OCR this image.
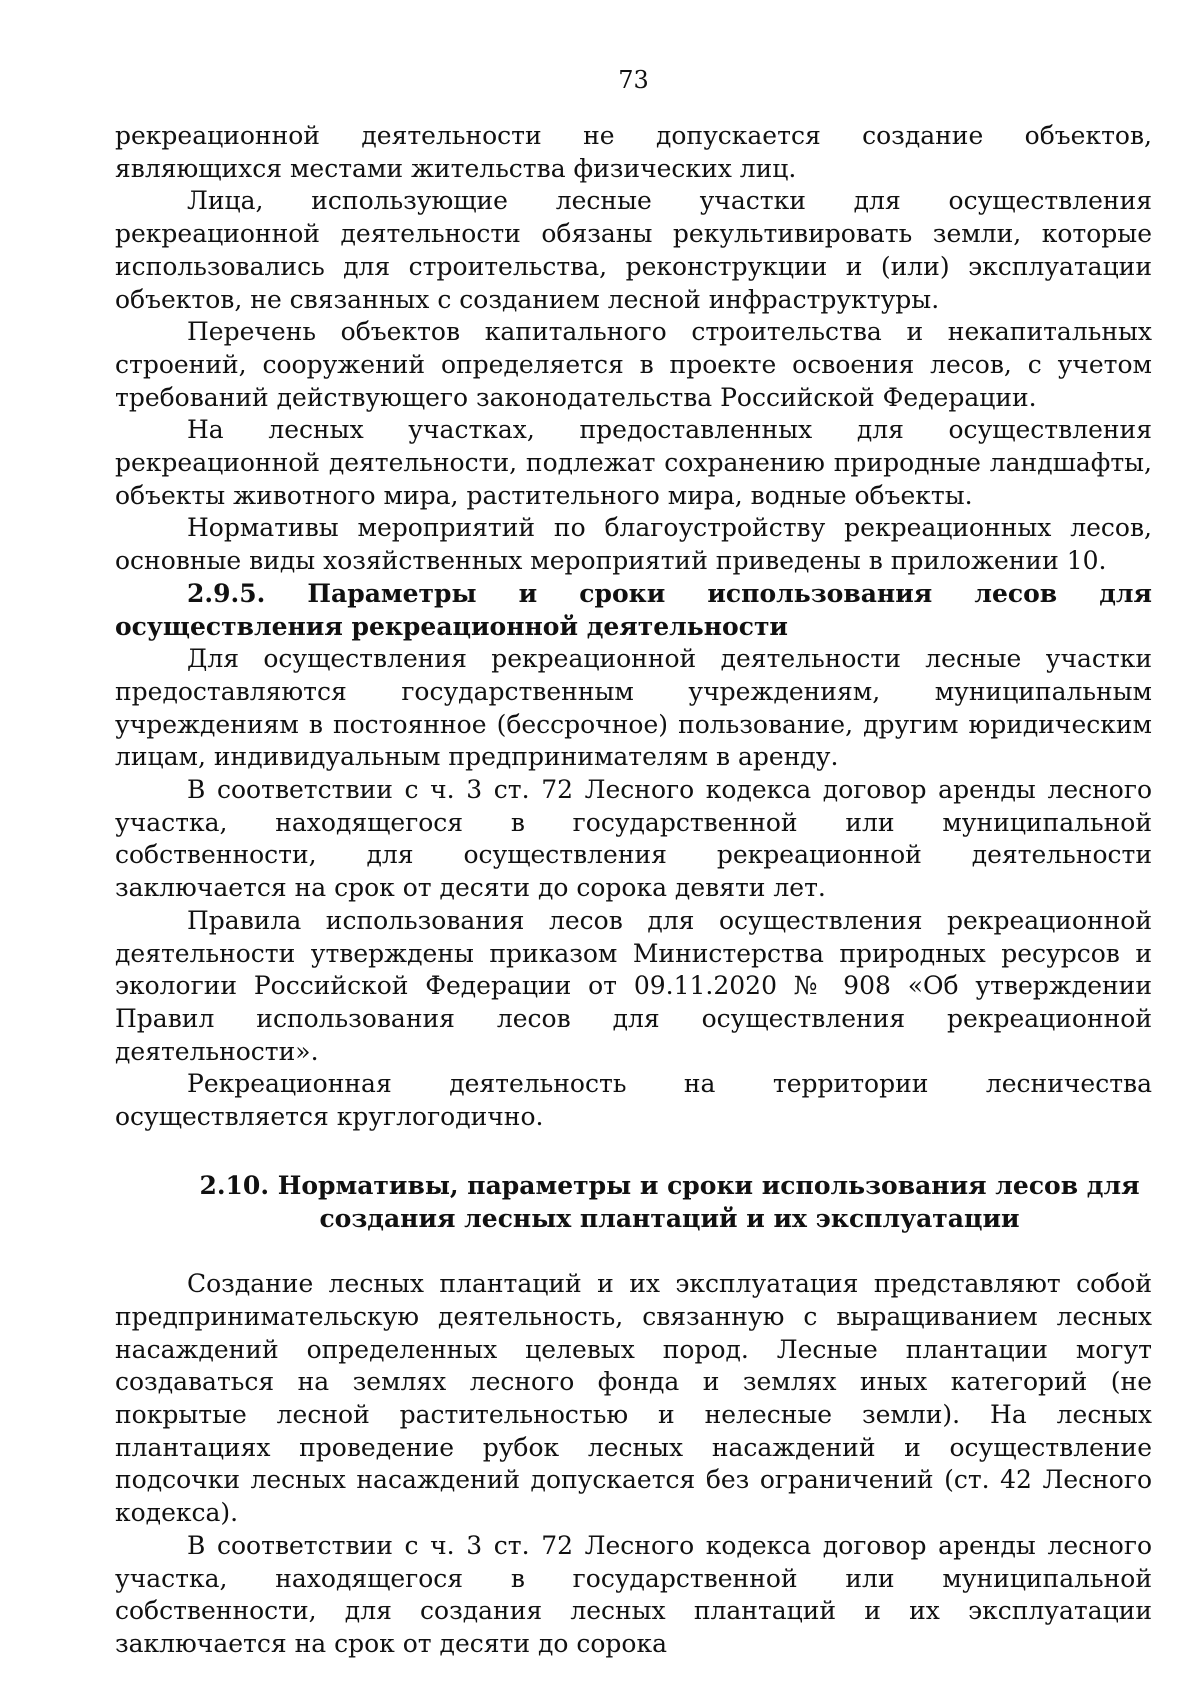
73

рекреационной деятельности не допускается создание объектов, являющихся местами жительства физических лиц.

Лица, использующие лесные участки для осуществления рекреационной деятельности обязаны рекультивировать земли, которые использовались для строительства, реконструкции и (или) эксплуатации объектов, не связанных с созданием лесной инфраструктуры.

Перечень объектов капитального строительства и некапитальных строений, сооружений определяется в проекте освоения лесов, с учетом требований действующего законодательства Российской Федерации.

На лесных участках, предоставленных для осуществления рекреационной деятельности, подлежат сохранению природные ландшафты, объекты животного мира, растительного мира, водные объекты.

Нормативы мероприятий по благоустройству рекреационных лесов, основные виды хозяйственных мероприятий приведены в приложении 10.

2.9.5. Параметры и сроки использования лесов для осуществления рекреационной деятельности

Для осуществления рекреационной деятельности лесные участки предоставляются государственным учреждениям, муниципальным учреждениям в постоянное (бессрочное) пользование, другим юридическим лицам, индивидуальным предпринимателям в аренду.

В соответствии с ч. 3 ст. 72 Лесного кодекса договор аренды лесного участка, находящегося в государственной или муниципальной собственности, для осуществления рекреационной деятельности заключается на срок от десяти до сорока девяти лет.

Правила использования лесов для осуществления рекреационной деятельности утверждены приказом Министерства природных ресурсов и экологии Российской Федерации от 09.11.2020 № 908 «Об утверждении Правил использования лесов для осуществления рекреационной деятельности».

Рекреационная деятельность на территории лесничества осуществляется круглогодично.

2.10. Нормативы, параметры и сроки использования лесов для создания лесных плантаций и их эксплуатации

Создание лесных плантаций и их эксплуатация представляют собой предпринимательскую деятельность, связанную с выращиванием лесных насаждений определенных целевых пород. Лесные плантации могут создаваться на землях лесного фонда и землях иных категорий (не покрытые лесной растительностью и нелесные земли). На лесных плантациях проведение рубок лесных насаждений и осуществление подсочки лесных насаждений допускается без ограничений (ст. 42 Лесного кодекса).

В соответствии с ч. 3 ст. 72 Лесного кодекса договор аренды лесного участка, находящегося в государственной или муниципальной собственности, для создания лесных плантаций и их эксплуатации заключается на срок от десяти до сорока
